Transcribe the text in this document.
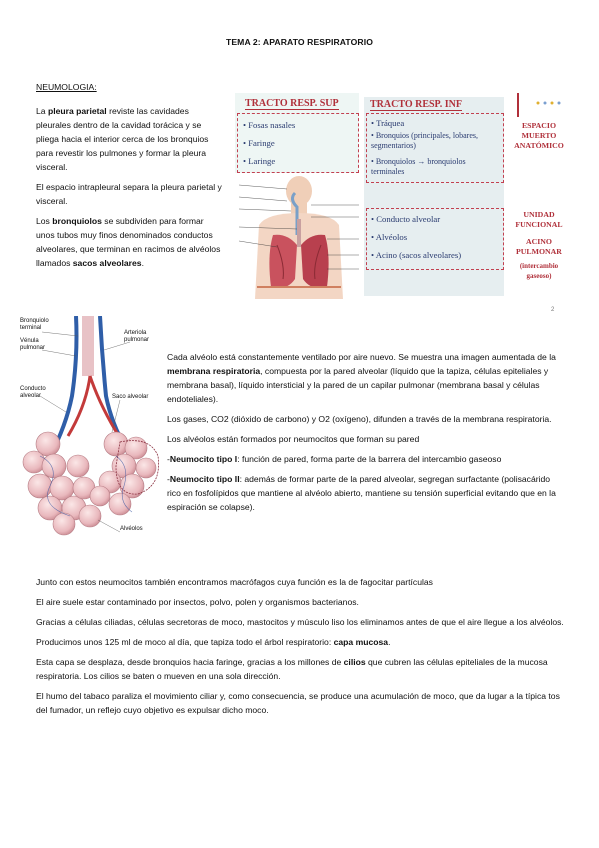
TEMA 2: APARATO RESPIRATORIO
NEUMOLOGIA:

La pleura parietal reviste las cavidades pleurales dentro de la cavidad torácica y se pliega hacia el interior cerca de los bronquios para revestir los pulmones y formar la pleura visceral.

El espacio intrapleural separa la pleura parietal y visceral.

Los bronquiolos se subdividen para formar unos tubos muy finos denominados conductos alveolares, que terminan en racimos de alvéolos llamados sacos alveolares.

TRACTO RESP. SUP	TRACTO RESP. INF
• Fosas nasales
• Faringe
• Laringe
• Tráquea
• Bronquios (principales, lobares, segmentarios)
• Bronquiolos → bronquiolos terminales
• Conducto alveolar
• Alvéolos
• Acino (sacos alveolares)
ESPACIO MUERTO ANATÓMICO
UNIDAD FUNCIONAL
ACINO PULMONAR
(intercambio gaseoso)
2
Bronquiolo terminal
Vénula pulmonar
Arteriola pulmonar
Conducto alveolar	Saco alveolar
Alvéolos

Cada alvéolo está constantemente ventilado por aire nuevo. Se muestra una imagen aumentada de la membrana respiratoria, compuesta por la pared alveolar (líquido que la tapiza, células epiteliales y membrana basal), líquido intersticial y la pared de un capilar pulmonar (membrana basal y células endoteliales).

Los gases, CO2 (dióxido de carbono) y O2 (oxígeno), difunden a través de la membrana respiratoria.

Los alvéolos están formados por neumocitos que forman su pared

-Neumocito tipo I: función de pared, forma parte de la barrera del intercambio gaseoso

-Neumocito tipo II: además de formar parte de la pared alveolar, segregan surfactante (polisacárido rico en fosfolípidos que mantiene al alvéolo abierto, mantiene su tensión superficial evitando que en la espiración se colapse).

Junto con estos neumocitos también encontramos macrófagos cuya función es la de fagocitar partículas

El aire suele estar contaminado por insectos, polvo, polen y organismos bacterianos.

Gracias a células ciliadas, células secretoras de moco, mastocitos y músculo liso los eliminamos antes de que el aire llegue a los alvéolos.

Producimos unos 125 ml de moco al día, que tapiza todo el árbol respiratorio: capa mucosa.

Esta capa se desplaza, desde bronquios hacia faringe, gracias a los millones de cilios que cubren las células epiteliales de la mucosa respiratoria. Los cilios se baten o mueven en una sola dirección.

El humo del tabaco paraliza el movimiento ciliar y, como consecuencia, se produce una acumulación de moco, que da lugar a la típica tos del fumador, un reflejo cuyo objetivo es expulsar dicho moco.
